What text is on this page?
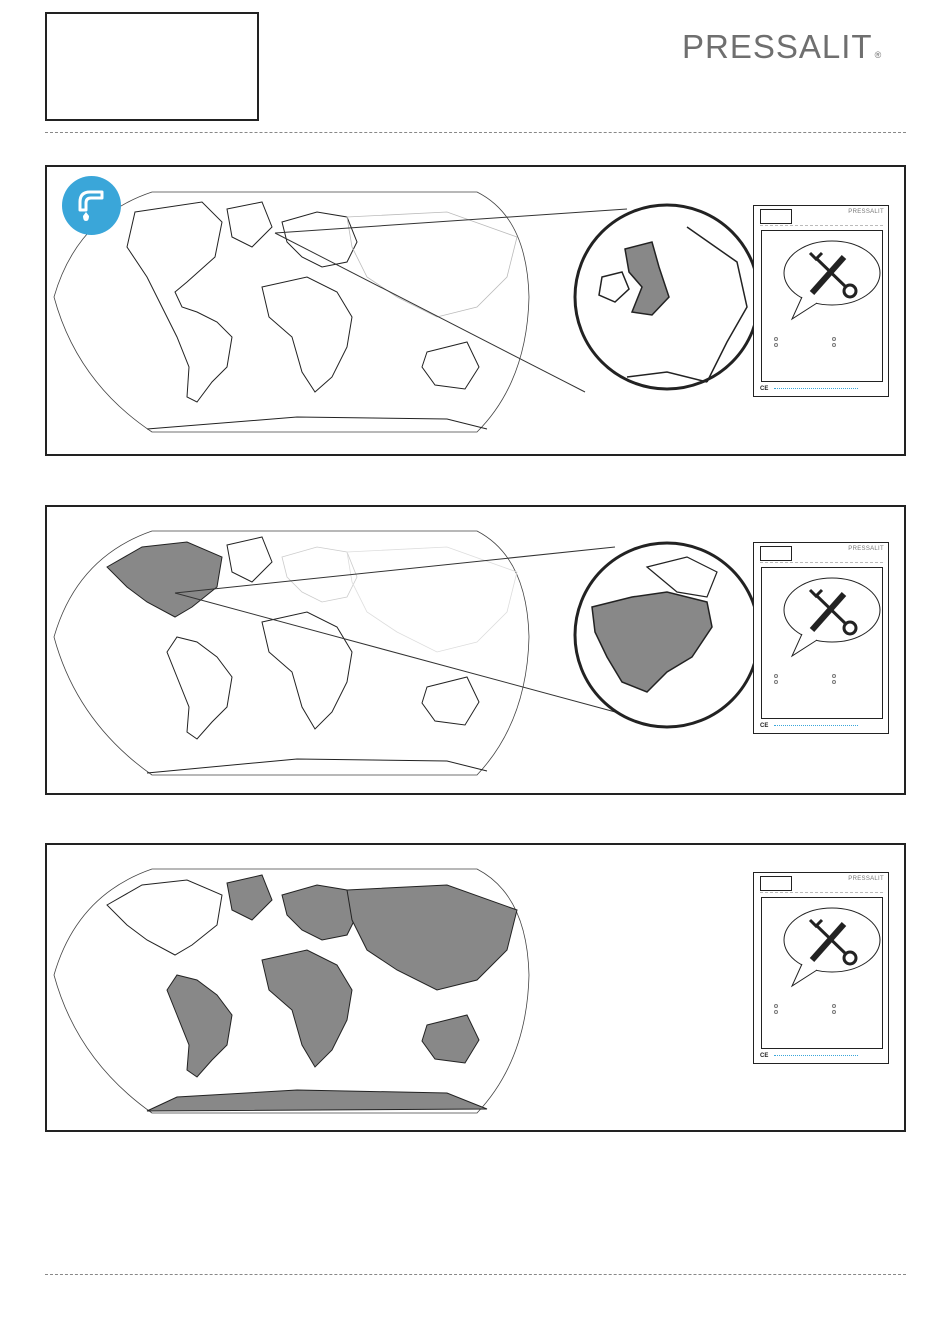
PRESSALIT ®
PRESSALIT
CE
PRESSALIT
CE
PRESSALIT
CE
